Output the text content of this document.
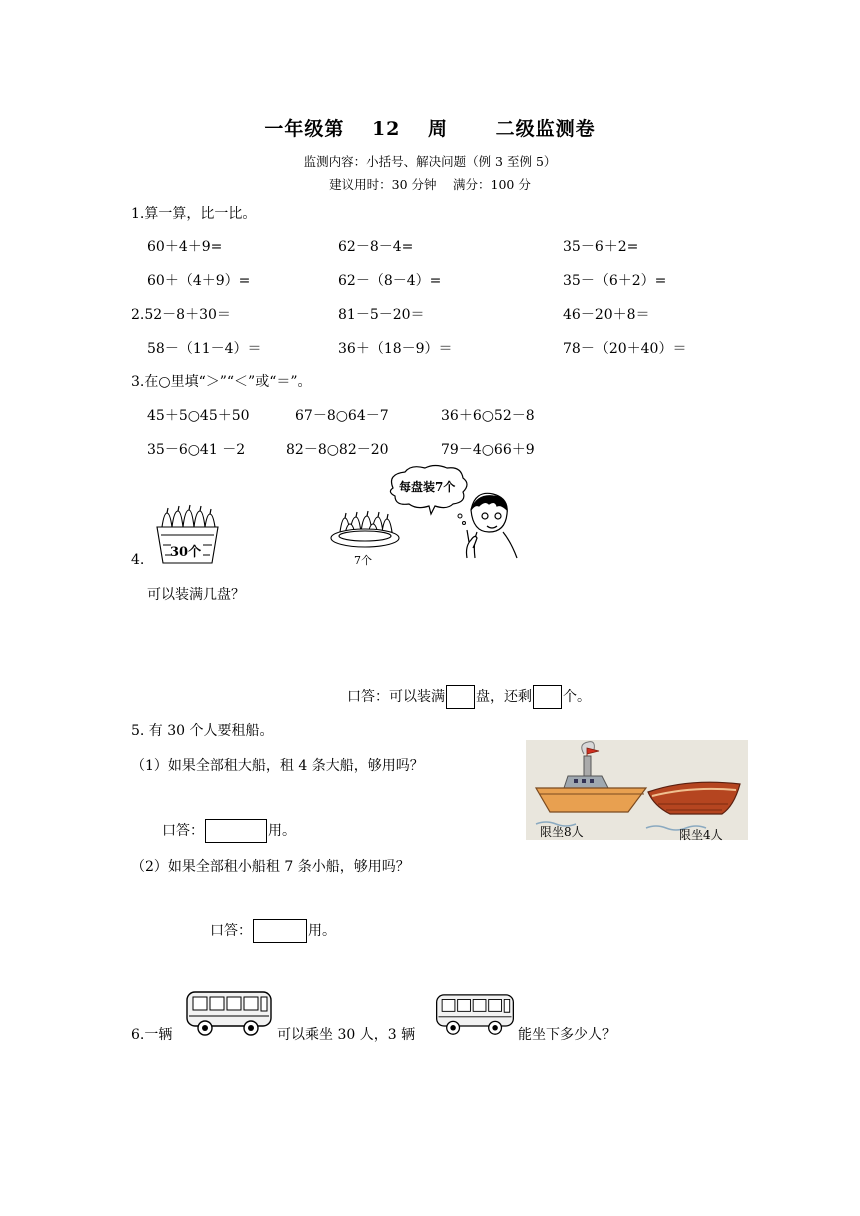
一年级第 12 周　 二级监测卷
监测内容：小括号、解决问题（例 3 至例 5）
建议用时：30 分钟　 满分：100 分
1.算一算，比一比。
60＋4＋9=	62－8－4=	35－6＋2=
60＋（4＋9）=	62－（8－4）=	35－（6＋2）=
2.52－8＋30＝	81－5－20＝	46－20＋8＝
58－（11－4）＝	36＋（18－9）＝	78－（20＋40）＝
3.在○里填“＞”“＜”或“＝”。
45＋5○45＋50	67－8○64－7	36＋6○52－8
35－6○41 －2	82－8○82－20	79－4○66＋9
4. 30个
7个
每盘装7个
可以装满几盘？
口答：可以装满 盘，还剩 个。
5. 有 30 个人要租船。
（1）如果全部租大船，租 4 条大船，够用吗？
限坐8人	限坐4人
口答：	用。
（2）如果全部租小船租 7 条小船，够用吗？
口答：	用。
6.一辆	可以乘坐 30 人，3 辆	能坐下多少人？
